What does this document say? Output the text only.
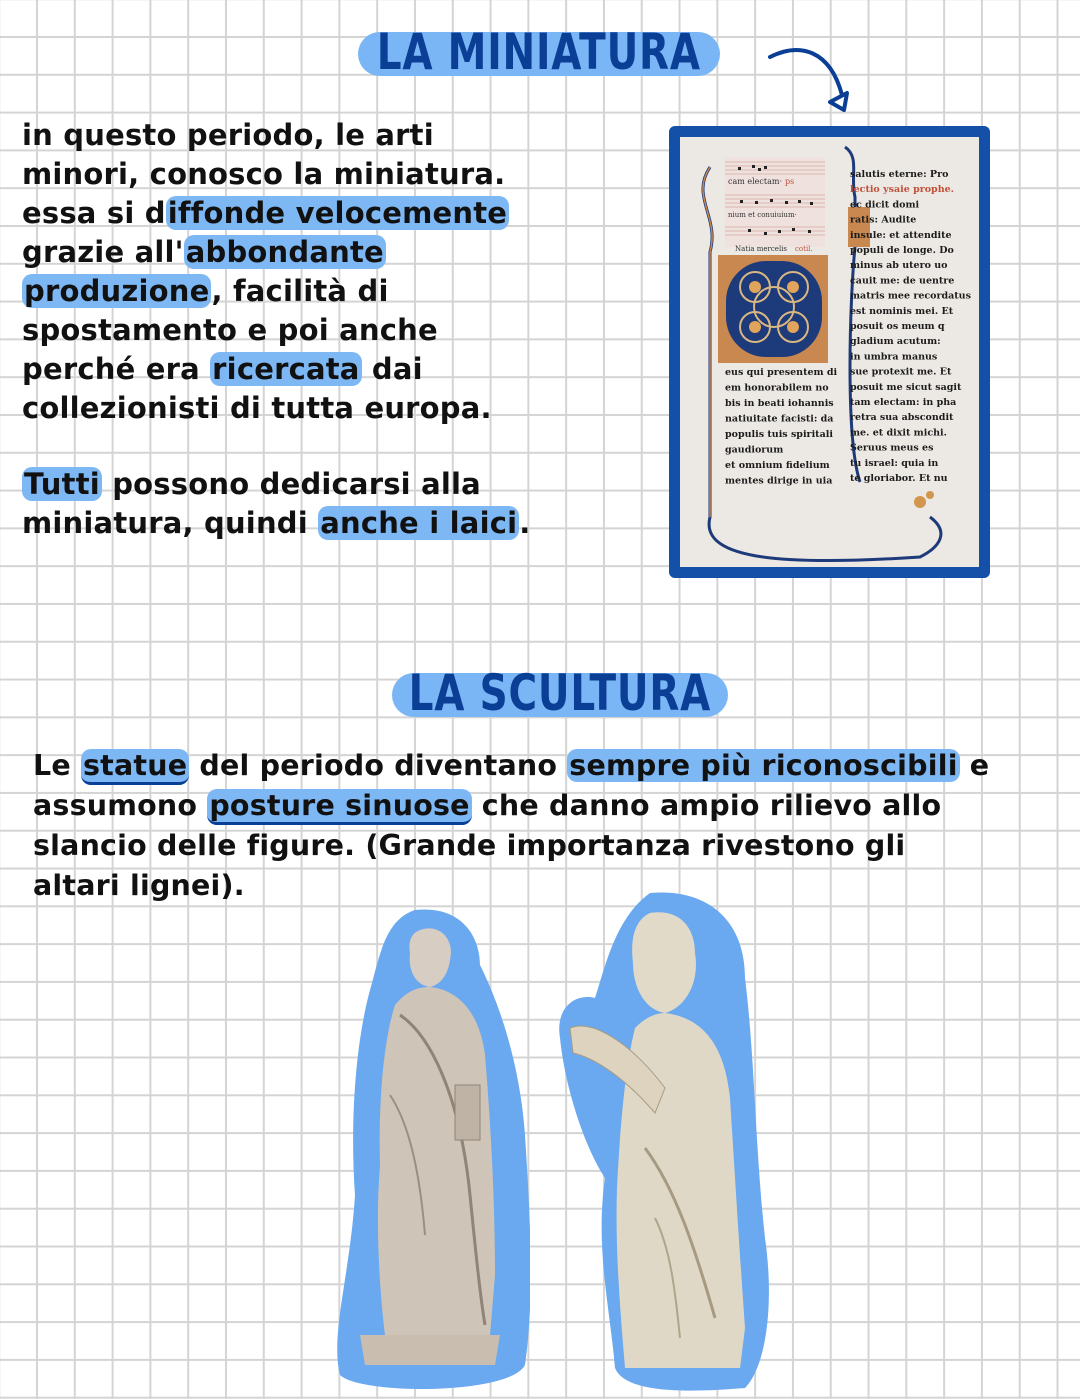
LA MINIATURA
in questo periodo, le arti
minori, conosco la miniatura.
essa si diffonde velocemente
grazie all'abbondante
produzione, facilità di
spostamento e poi anche
perché era ricercata dai
collezionisti di tutta europa.
Tutti possono dedicarsi alla
miniatura, quindi anche i laici.
cam electam· ps
nium et conuiuium·
Natia mercelis cotil.
eus qui presentem di
em honorabilem no
bis in beati iohannis
natiuitate facisti: da
populis tuis spiritali
gaudiorum
et omnium fidelium
mentes dirige in uia
salutis eterne: Pro
lectio ysaie prophe.
ec dicit domi
ratis: Audite
insule: et attendite
populi de longe. Do
minus ab utero uo
cauit me: de uentre
matris mee recordatus
est nominis mei. Et
posuit os meum q
gladium acutum:
in umbra manus
sue protexit me. Et
posuit me sicut sagit
tam electam: in pha
retra sua abscondit
me. et dixit michi.
Seruus meus es
tu israel: quia in
te gloriabor. Et nu
LA SCULTURA
Le statue del periodo diventano sempre più riconoscibili e
assumono posture sinuose che danno ampio rilievo allo
slancio delle figure. (Grande importanza rivestono gli
altari lignei).
